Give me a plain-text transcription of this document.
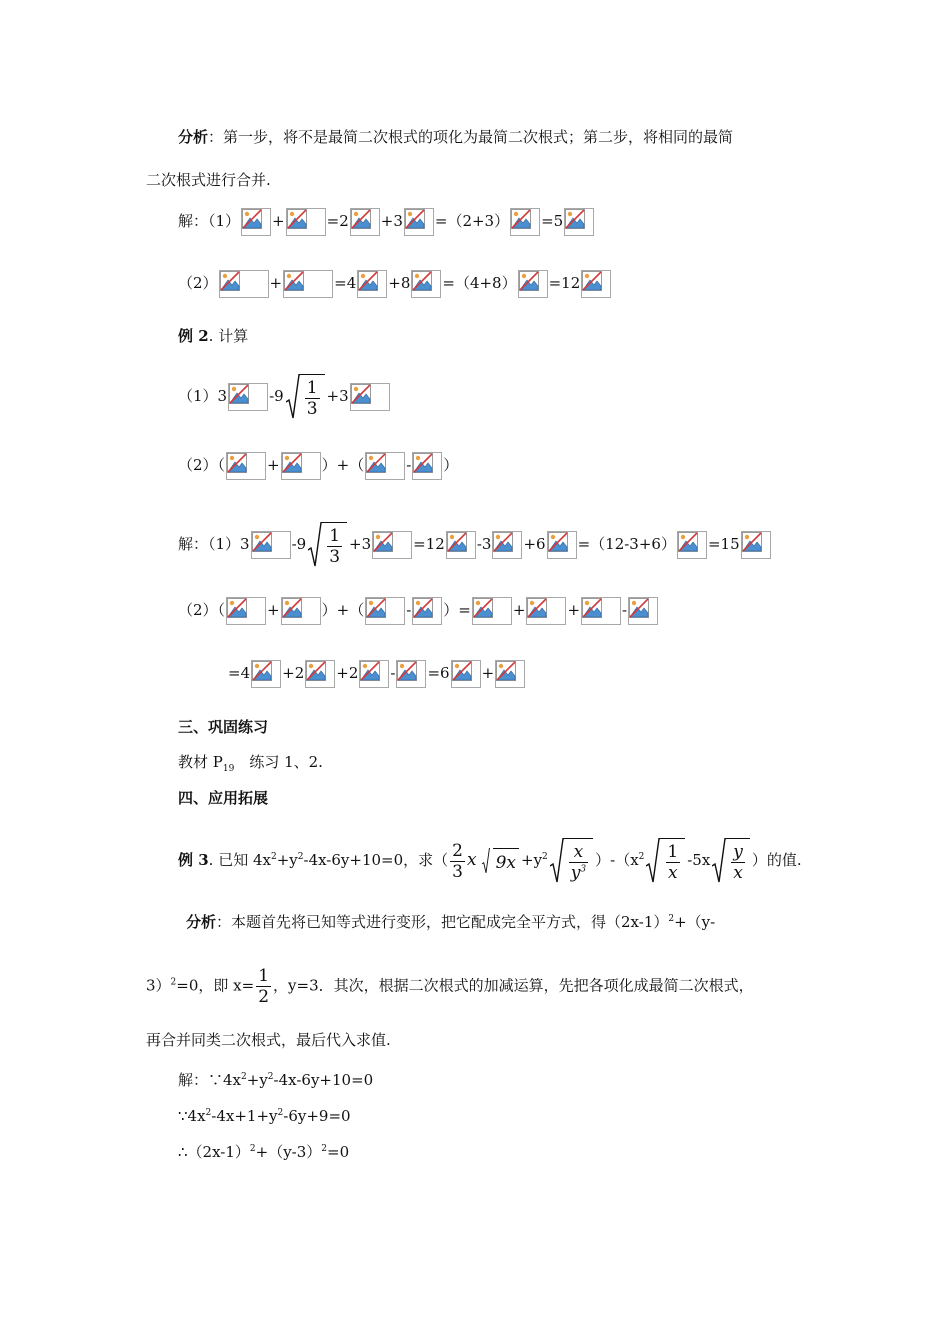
分析：第一步，将不是最简二次根式的项化为最简二次根式；第二步，将相同的最简
二次根式进行合并.
解：（1） +	=2 +3 =（2+3） =5
（2）	+	=4 +8 =（4+8） =12
例 2. 计算
（1）3	$-9 \frac{1}{3} +3$
（2）（	+	）+（	- ）
解：（1）3	$-9 \frac{1}{3} +3$	=12 -3 +6 =（12-3+6） =15
（2）（	+	）+（	- ）=	+	+	-
=4 +2 +2 - =6 +
三、巩固练习
教材 $P_{19}$　练习 1、2.
四、应用拓展
例 3. 已知 $4x^2+y^2-4x-6y+10=0$，求（ $\frac{2}{3}$ x $9x +y^2 \frac{x}{y^3} )-(x^2 \frac{1}{x} -5x \frac{y}{x}$ ）的值.
分析：本题首先将已知等式进行变形，把它配成完全平方式，得$(2x-1)^2+(y-$
3）$^2$=0，即 $x= \frac{1}{2}$ ，y=3．其次，根据二次根式的加减运算，先把各项化成最简二次根式，
再合并同类二次根式，最后代入求值.
解：$\because 4x^2+y^2-4x-6y+10=0$
$\because 4x^2-4x+1+y^2-6y+9=0$
$\therefore(2x-1)^2+(y-3)^2=0$
